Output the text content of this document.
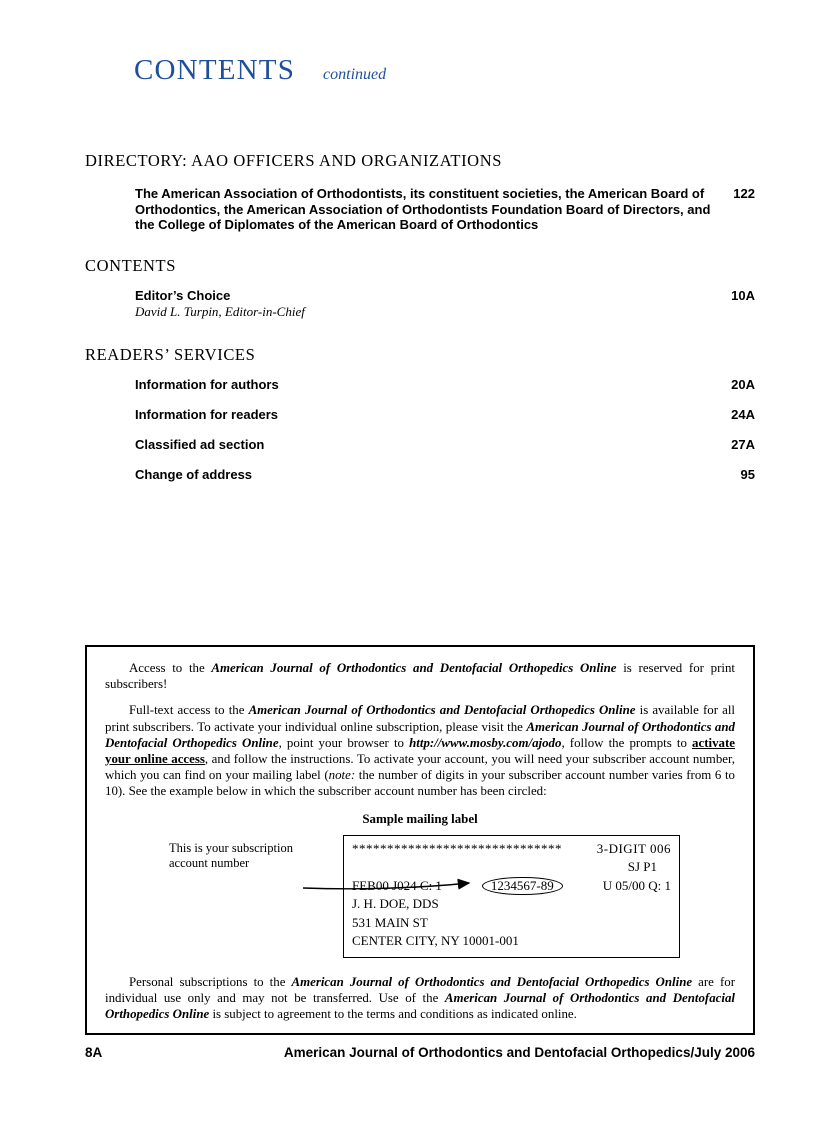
CONTENTS continued
DIRECTORY: AAO OFFICERS AND ORGANIZATIONS

The American Association of Orthodontists, its constituent societies, the American Board of Orthodontics, the American Association of Orthodontists Foundation Board of Directors, and the College of Diplomates of the American Board of Orthodontics

122
CONTENTS
Editor’s Choice	10A

David L. Turpin, Editor-in-Chief

READERS’ SERVICES
Information for authors	20A
Information for readers	24A
Classified ad section	27A
Change of address	95

Access to the American Journal of Orthodontics and Dentofacial Orthopedics Online is reserved for print subscribers!

Full-text access to the American Journal of Orthodontics and Dentofacial Orthopedics Online is available for all print subscribers. To activate your individual online subscription, please visit the American Journal of Orthodontics and Dentofacial Orthopedics Online, point your browser to http://www.mosby.com/ajodo, follow the prompts to activate your online access, and follow the instructions. To activate your account, you will need your subscriber account number, which you can find on your mailing label (note: the number of digits in your subscriber account number varies from 6 to 10). See the example below in which the subscriber account number has been circled:

Sample mailing label

This is your subscription account number

******************************	3-DIGIT 006
SJ P1
FEB00 J024 C: 1	1234567-89	U 05/00 Q: 1
J. H. DOE, DDS
531 MAIN ST
CENTER CITY, NY 10001-001

Personal subscriptions to the American Journal of Orthodontics and Dentofacial Orthopedics Online are for individual use only and may not be transferred. Use of the American Journal of Orthodontics and Dentofacial Orthopedics Online is subject to agreement to the terms and conditions as indicated online.

8A	American Journal of Orthodontics and Dentofacial Orthopedics/July 2006
